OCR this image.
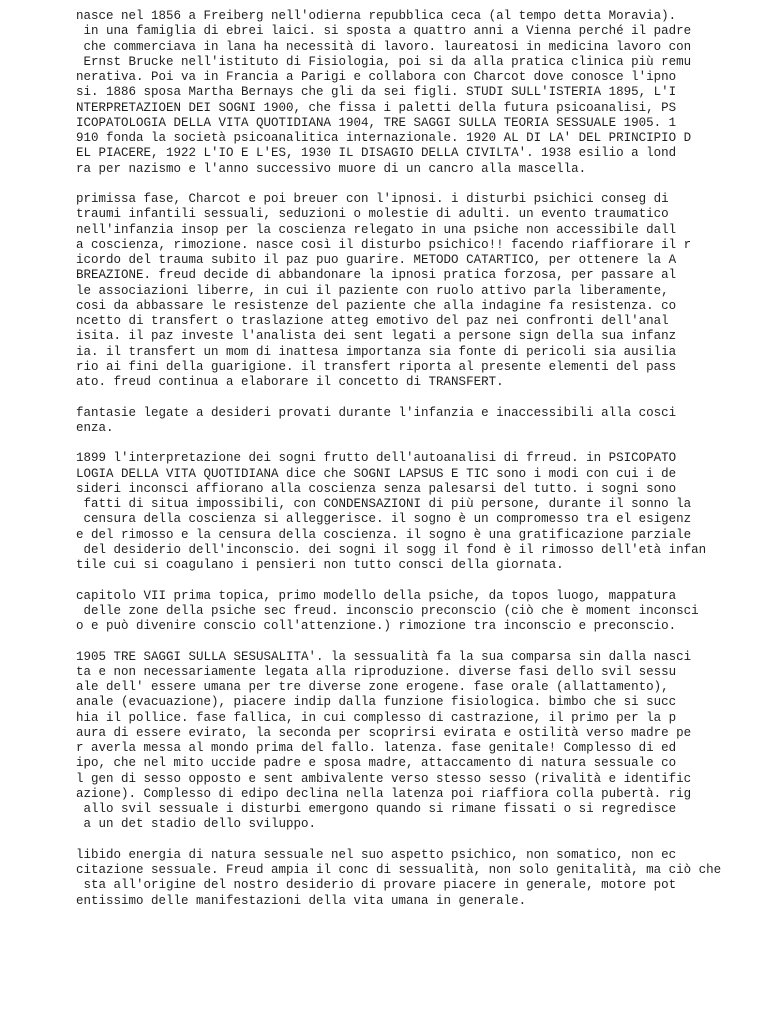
nasce nel 1856 a Freiberg nell'odierna repubblica ceca (al tempo detta Moravia).
in una famiglia di ebrei laici. si sposta a quattro anni a Vienna perché il padre
che commerciava in lana ha necessità di lavoro. laureatosi in medicina lavoro con
Ernst Brucke nell'istituto di Fisiologia, poi si da alla pratica clinica più remu
nerativa. Poi va in Francia a Parigi e collabora con Charcot dove conosce l'ipno
si. 1886 sposa Martha Bernays che gli da sei figli. STUDI SULL'ISTERIA 1895, L'I
NTERPRETAZIOEN DEI SOGNI 1900, che fissa i paletti della futura psicoanalisi, PS
ICOPATOLOGIA DELLA VITA QUOTIDIANA 1904, TRE SAGGI SULLA TEORIA SESSUALE 1905. 1
910 fonda la società psicoanalitica internazionale. 1920 AL DI LA' DEL PRINCIPIO D
EL PIACERE, 1922 L'IO E L'ES, 1930 IL DISAGIO DELLA CIVILTA'. 1938 esilio a lond
ra per nazismo e l'anno successivo muore di un cancro alla mascella.
primissa fase, Charcot e poi breuer con l'ipnosi. i disturbi psichici conseg di
traumi infantili sessuali, seduzioni o molestie di adulti. un evento traumatico
nell'infanzia insop per la coscienza relegato in una psiche non accessibile dall
a coscienza, rimozione. nasce così il disturbo psichico!! facendo riaffiorare il r
icordo del trauma subito il paz puo guarire. METODO CATARTICO, per ottenere la A
BREAZIONE. freud decide di abbandonare la ipnosi pratica forzosa, per passare al
le associazioni liberre, in cui il paziente con ruolo attivo parla liberamente,
cosi da abbassare le resistenze del paziente che alla indagine fa resistenza. co
ncetto di transfert o traslazione atteg emotivo del paz nei confronti dell'anal
isita. il paz investe l'analista dei sent legati a persone sign della sua infanz
ia. il transfert un mom di inattesa importanza sia fonte di pericoli sia ausilia
rio ai fini della guarigione. il transfert riporta al presente elementi del pass
ato. freud continua a elaborare il concetto di TRANSFERT.
fantasie legate a desideri provati durante l'infanzia e inaccessibili alla cosci
enza.
1899 l'interpretazione dei sogni frutto dell'autoanalisi di frreud. in PSICOPATO
LOGIA DELLA VITA QUOTIDIANA dice che SOGNI LAPSUS E TIC sono i modi con cui i de
sideri inconsci affiorano alla coscienza senza palesarsi del tutto. i sogni sono
fatti di situa impossibili, con CONDENSAZIONI di più persone, durante il sonno la
censura della coscienza si alleggerisce. il sogno è un compromesso tra el esigenz
e del rimosso e la censura della coscienza. il sogno è una gratificazione parziale
del desiderio dell'inconscio. dei sogni il sogg il fond è il rimosso dell'età infan
tile cui si coagulano i pensieri non tutto consci della giornata.
capitolo VII prima topica, primo modello della psiche, da topos luogo, mappatura
delle zone della psiche sec freud. inconscio preconscio (ciò che è moment inconsci
o e può divenire conscio coll'attenzione.) rimozione tra inconscio e preconscio.
1905 TRE SAGGI SULLA SESUSALITA'. la sessualità fa la sua comparsa sin dalla nasci
ta e non necessariamente legata alla riproduzione. diverse fasi dello svil sessu
ale dell' essere umana per tre diverse zone erogene. fase orale (allattamento),
anale (evacuazione), piacere indip dalla funzione fisiologica. bimbo che si succ
hia il pollice. fase fallica, in cui complesso di castrazione, il primo per la p
aura di essere evirato, la seconda per scoprirsi evirata e ostilità verso madre pe
r averla messa al mondo prima del fallo. latenza. fase genitale! Complesso di ed
ipo, che nel mito uccide padre e sposa madre, attaccamento di natura sessuale co
l gen di sesso opposto e sent ambivalente verso stesso sesso (rivalità e identific
azione). Complesso di edipo declina nella latenza poi riaffiora colla pubertà. rig
allo svil sessuale i disturbi emergono quando si rimane fissati o si regredisce
a un det stadio dello sviluppo.
libido energia di natura sessuale nel suo aspetto psichico, non somatico, non ec
citazione sessuale. Freud ampia il conc di sessualità, non solo genitalità, ma ciò che
sta all'origine del nostro desiderio di provare piacere in generale, motore pot
entissimo delle manifestazioni della vita umana in generale.
